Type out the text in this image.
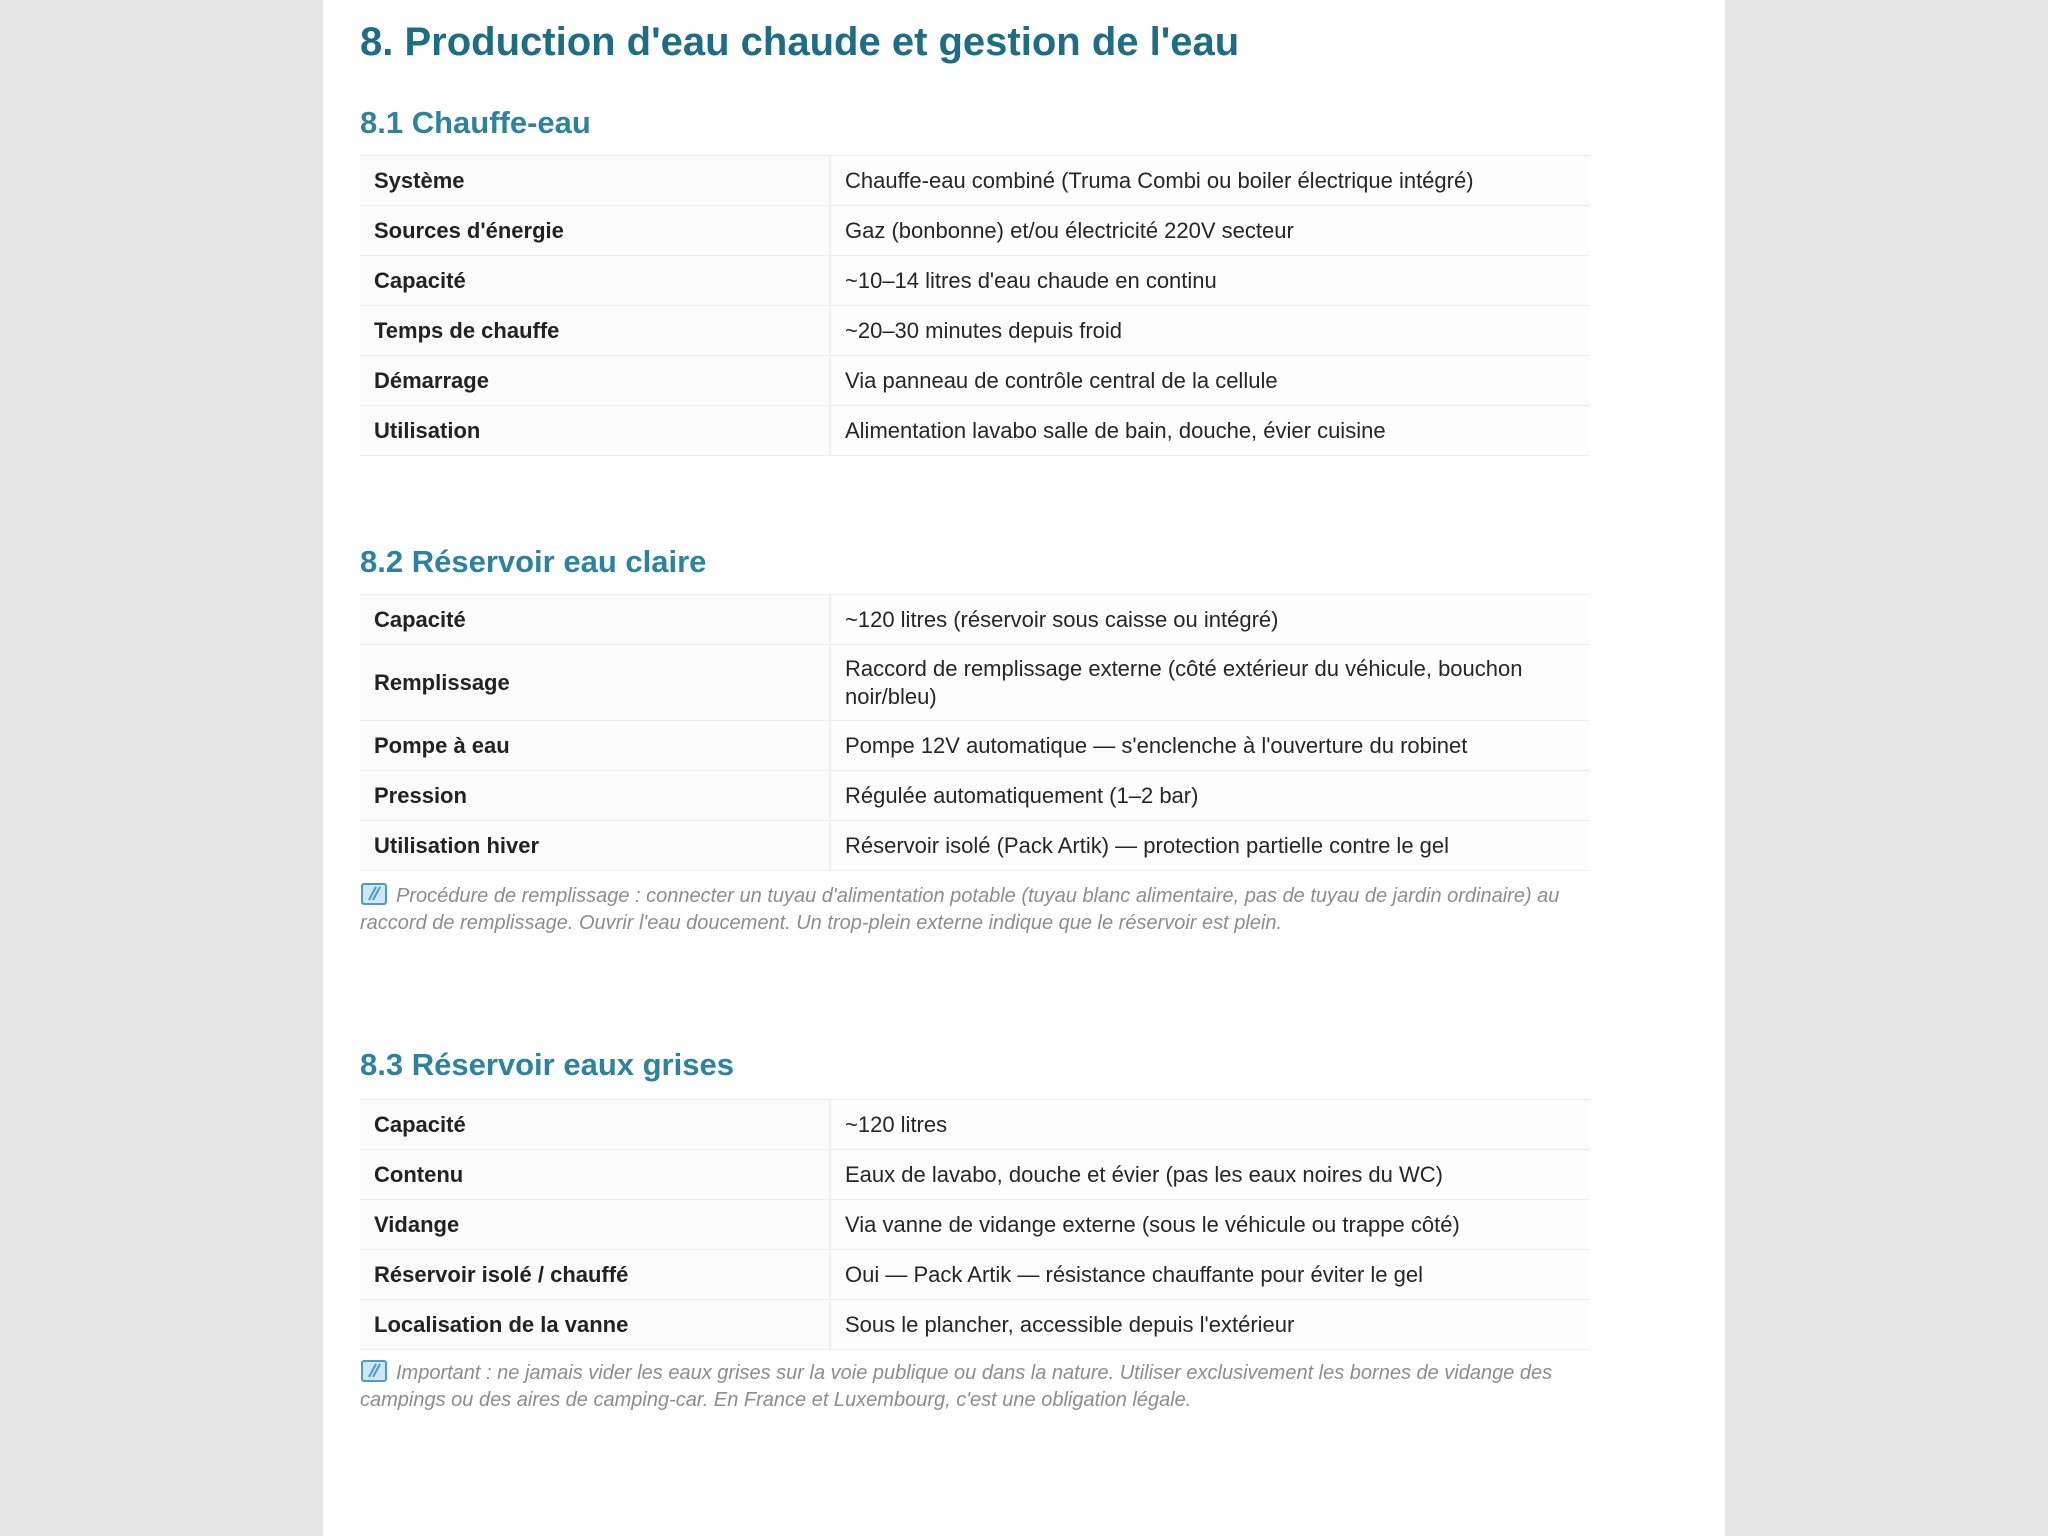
8. Production d'eau chaude et gestion de l'eau
8.1 Chauffe-eau
Système	Chauffe-eau combiné (Truma Combi ou boiler électrique intégré)
Sources d'énergie	Gaz (bonbonne) et/ou électricité 220V secteur
Capacité	~10–14 litres d'eau chaude en continu
Temps de chauffe	~20–30 minutes depuis froid
Démarrage	Via panneau de contrôle central de la cellule
Utilisation	Alimentation lavabo salle de bain, douche, évier cuisine
8.2 Réservoir eau claire
Capacité	~120 litres (réservoir sous caisse ou intégré)
Remplissage	Raccord de remplissage externe (côté extérieur du véhicule, bouchon noir/bleu)
Pompe à eau	Pompe 12V automatique — s'enclenche à l'ouverture du robinet
Pression	Régulée automatiquement (1–2 bar)
Utilisation hiver	Réservoir isolé (Pack Artik) — protection partielle contre le gel
Procédure de remplissage : connecter un tuyau d'alimentation potable (tuyau blanc alimentaire, pas de tuyau de jardin ordinaire) au raccord de remplissage. Ouvrir l'eau doucement. Un trop-plein externe indique que le réservoir est plein.
8.3 Réservoir eaux grises
Capacité	~120 litres
Contenu	Eaux de lavabo, douche et évier (pas les eaux noires du WC)
Vidange	Via vanne de vidange externe (sous le véhicule ou trappe côté)
Réservoir isolé / chauffé	Oui — Pack Artik — résistance chauffante pour éviter le gel
Localisation de la vanne	Sous le plancher, accessible depuis l'extérieur
Important : ne jamais vider les eaux grises sur la voie publique ou dans la nature. Utiliser exclusivement les bornes de vidange des campings ou des aires de camping-car. En France et Luxembourg, c'est une obligation légale.
